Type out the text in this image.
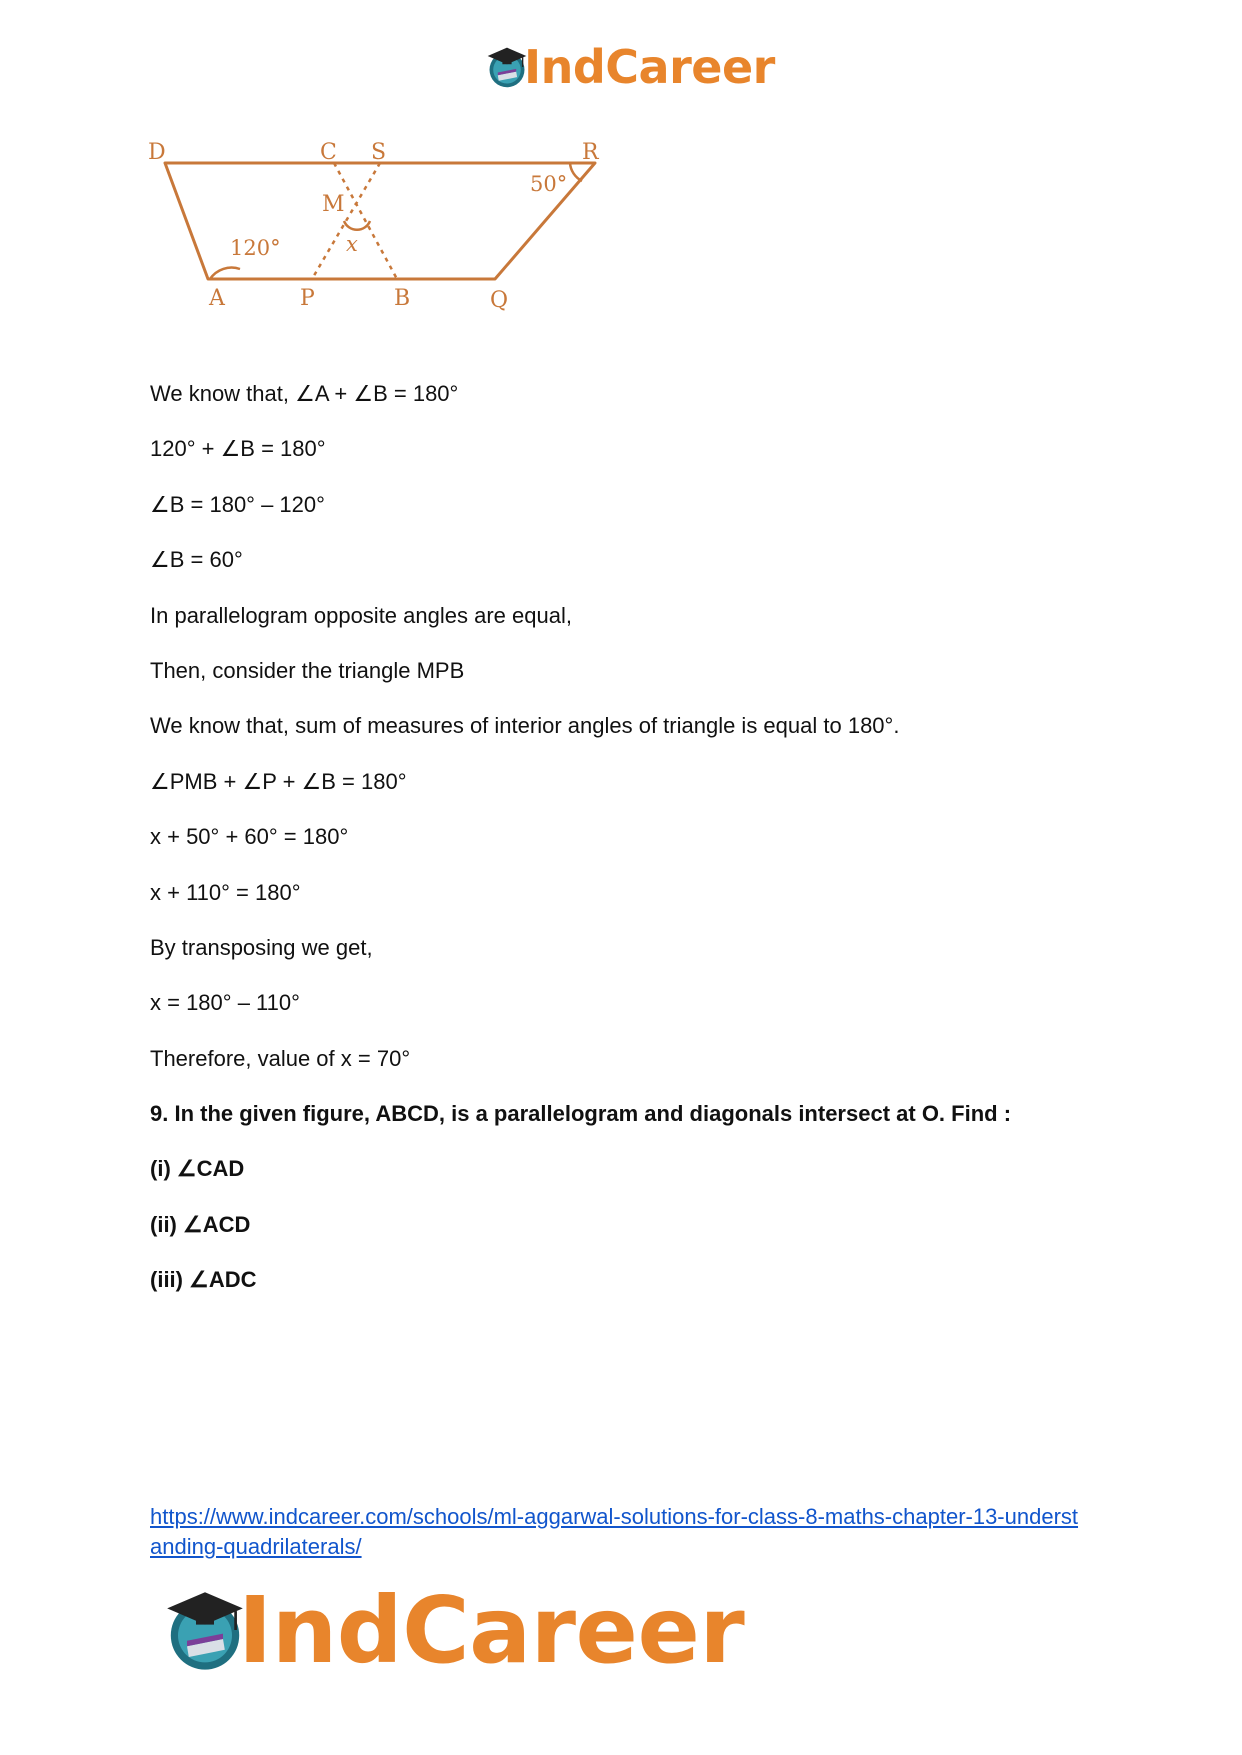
IndCareer
D	C S	R
M
A	P	B	Q
120°
50°
x
We know that, ∠A + ∠B = 180°
120° + ∠B = 180°
∠B = 180° – 120°
∠B = 60°
In parallelogram opposite angles are equal,
Then, consider the triangle MPB
We know that, sum of measures of interior angles of triangle is equal to 180°.
∠PMB + ∠P + ∠B = 180°
x + 50° + 60° = 180°
x + 110° = 180°
By transposing we get,
x = 180° – 110°
Therefore, value of x = 70°
9. In the given figure, ABCD, is a parallelogram and diagonals intersect at O. Find :
(i) ∠CAD
(ii) ∠ACD
(iii) ∠ADC
https://www.indcareer.com/schools/ml-aggarwal-solutions-for-class-8-maths-chapter-13-understanding-quadrilaterals/
IndCareer
